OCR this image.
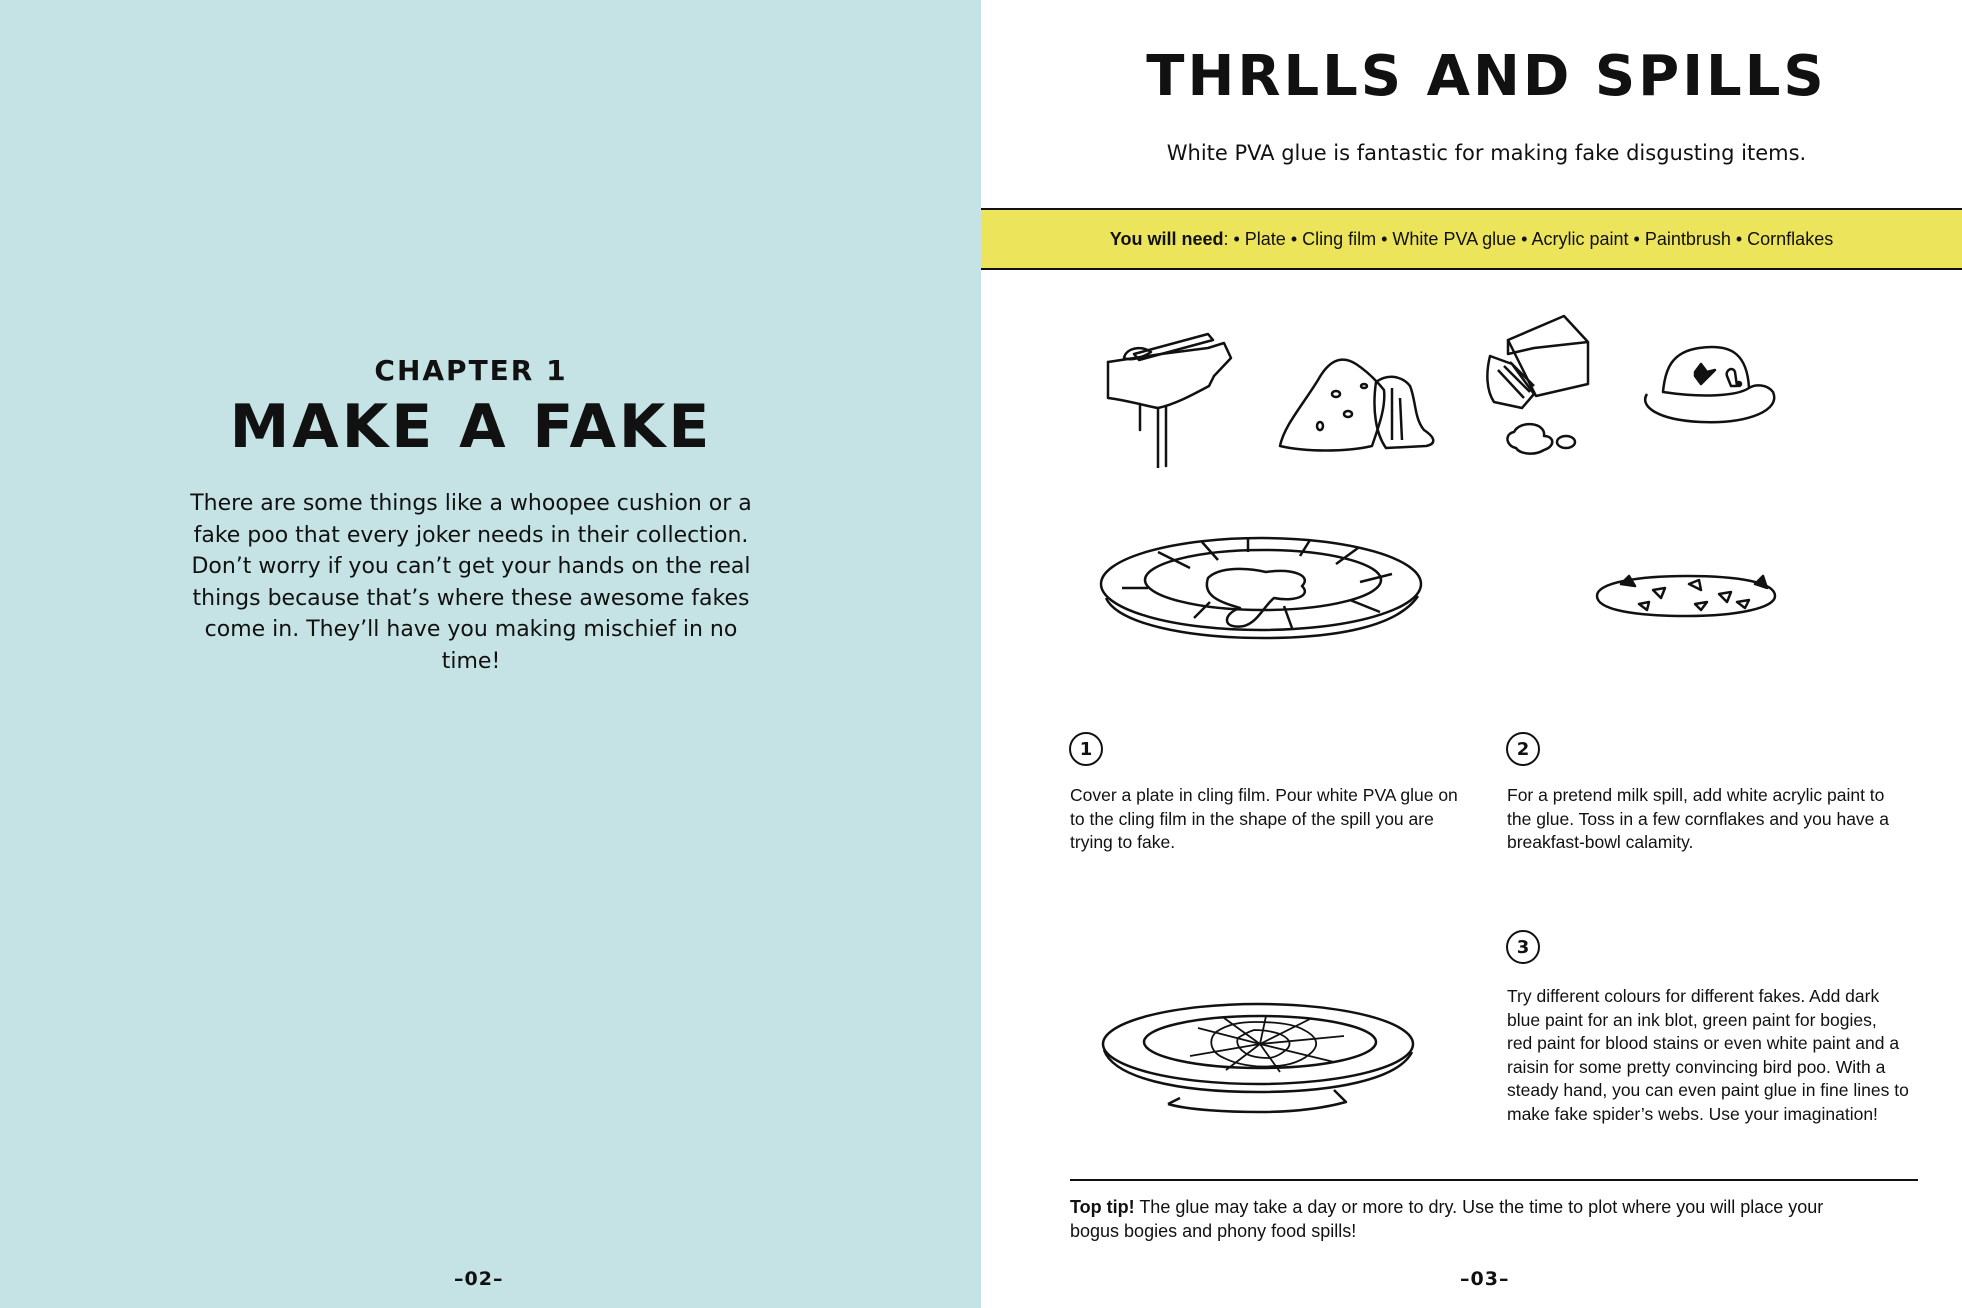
CHAPTER 1
MAKE A FAKE
There are some things like a whoopee cushion or a
fake poo that every joker needs in their collection.
Don’t worry if you can’t get your hands on the real
things because that’s where these awesome fakes
come in. They’ll have you making mischief in no time!
–02–
THRLLS AND SPILLS
White PVA glue is fantastic for making fake disgusting items.
You will need : • Plate • Cling film • White PVA glue • Acrylic paint • Paintbrush • Cornflakes
1
Cover a plate in cling film. Pour white PVA glue on
to the cling film in the shape of the spill you are
trying to fake.
2
For a pretend milk spill, add white acrylic paint to
the glue. Toss in a few cornflakes and you have a
breakfast-bowl calamity.
3
Try different colours for different fakes. Add dark
blue paint for an ink blot, green paint for bogies,
red paint for blood stains or even white paint and a
raisin for some pretty convincing bird poo. With a
steady hand, you can even paint glue in fine lines to
make fake spider’s webs. Use your imagination!
Top tip! The glue may take a day or more to dry. Use the time to plot where you will place your
bogus bogies and phony food spills!
–03–
